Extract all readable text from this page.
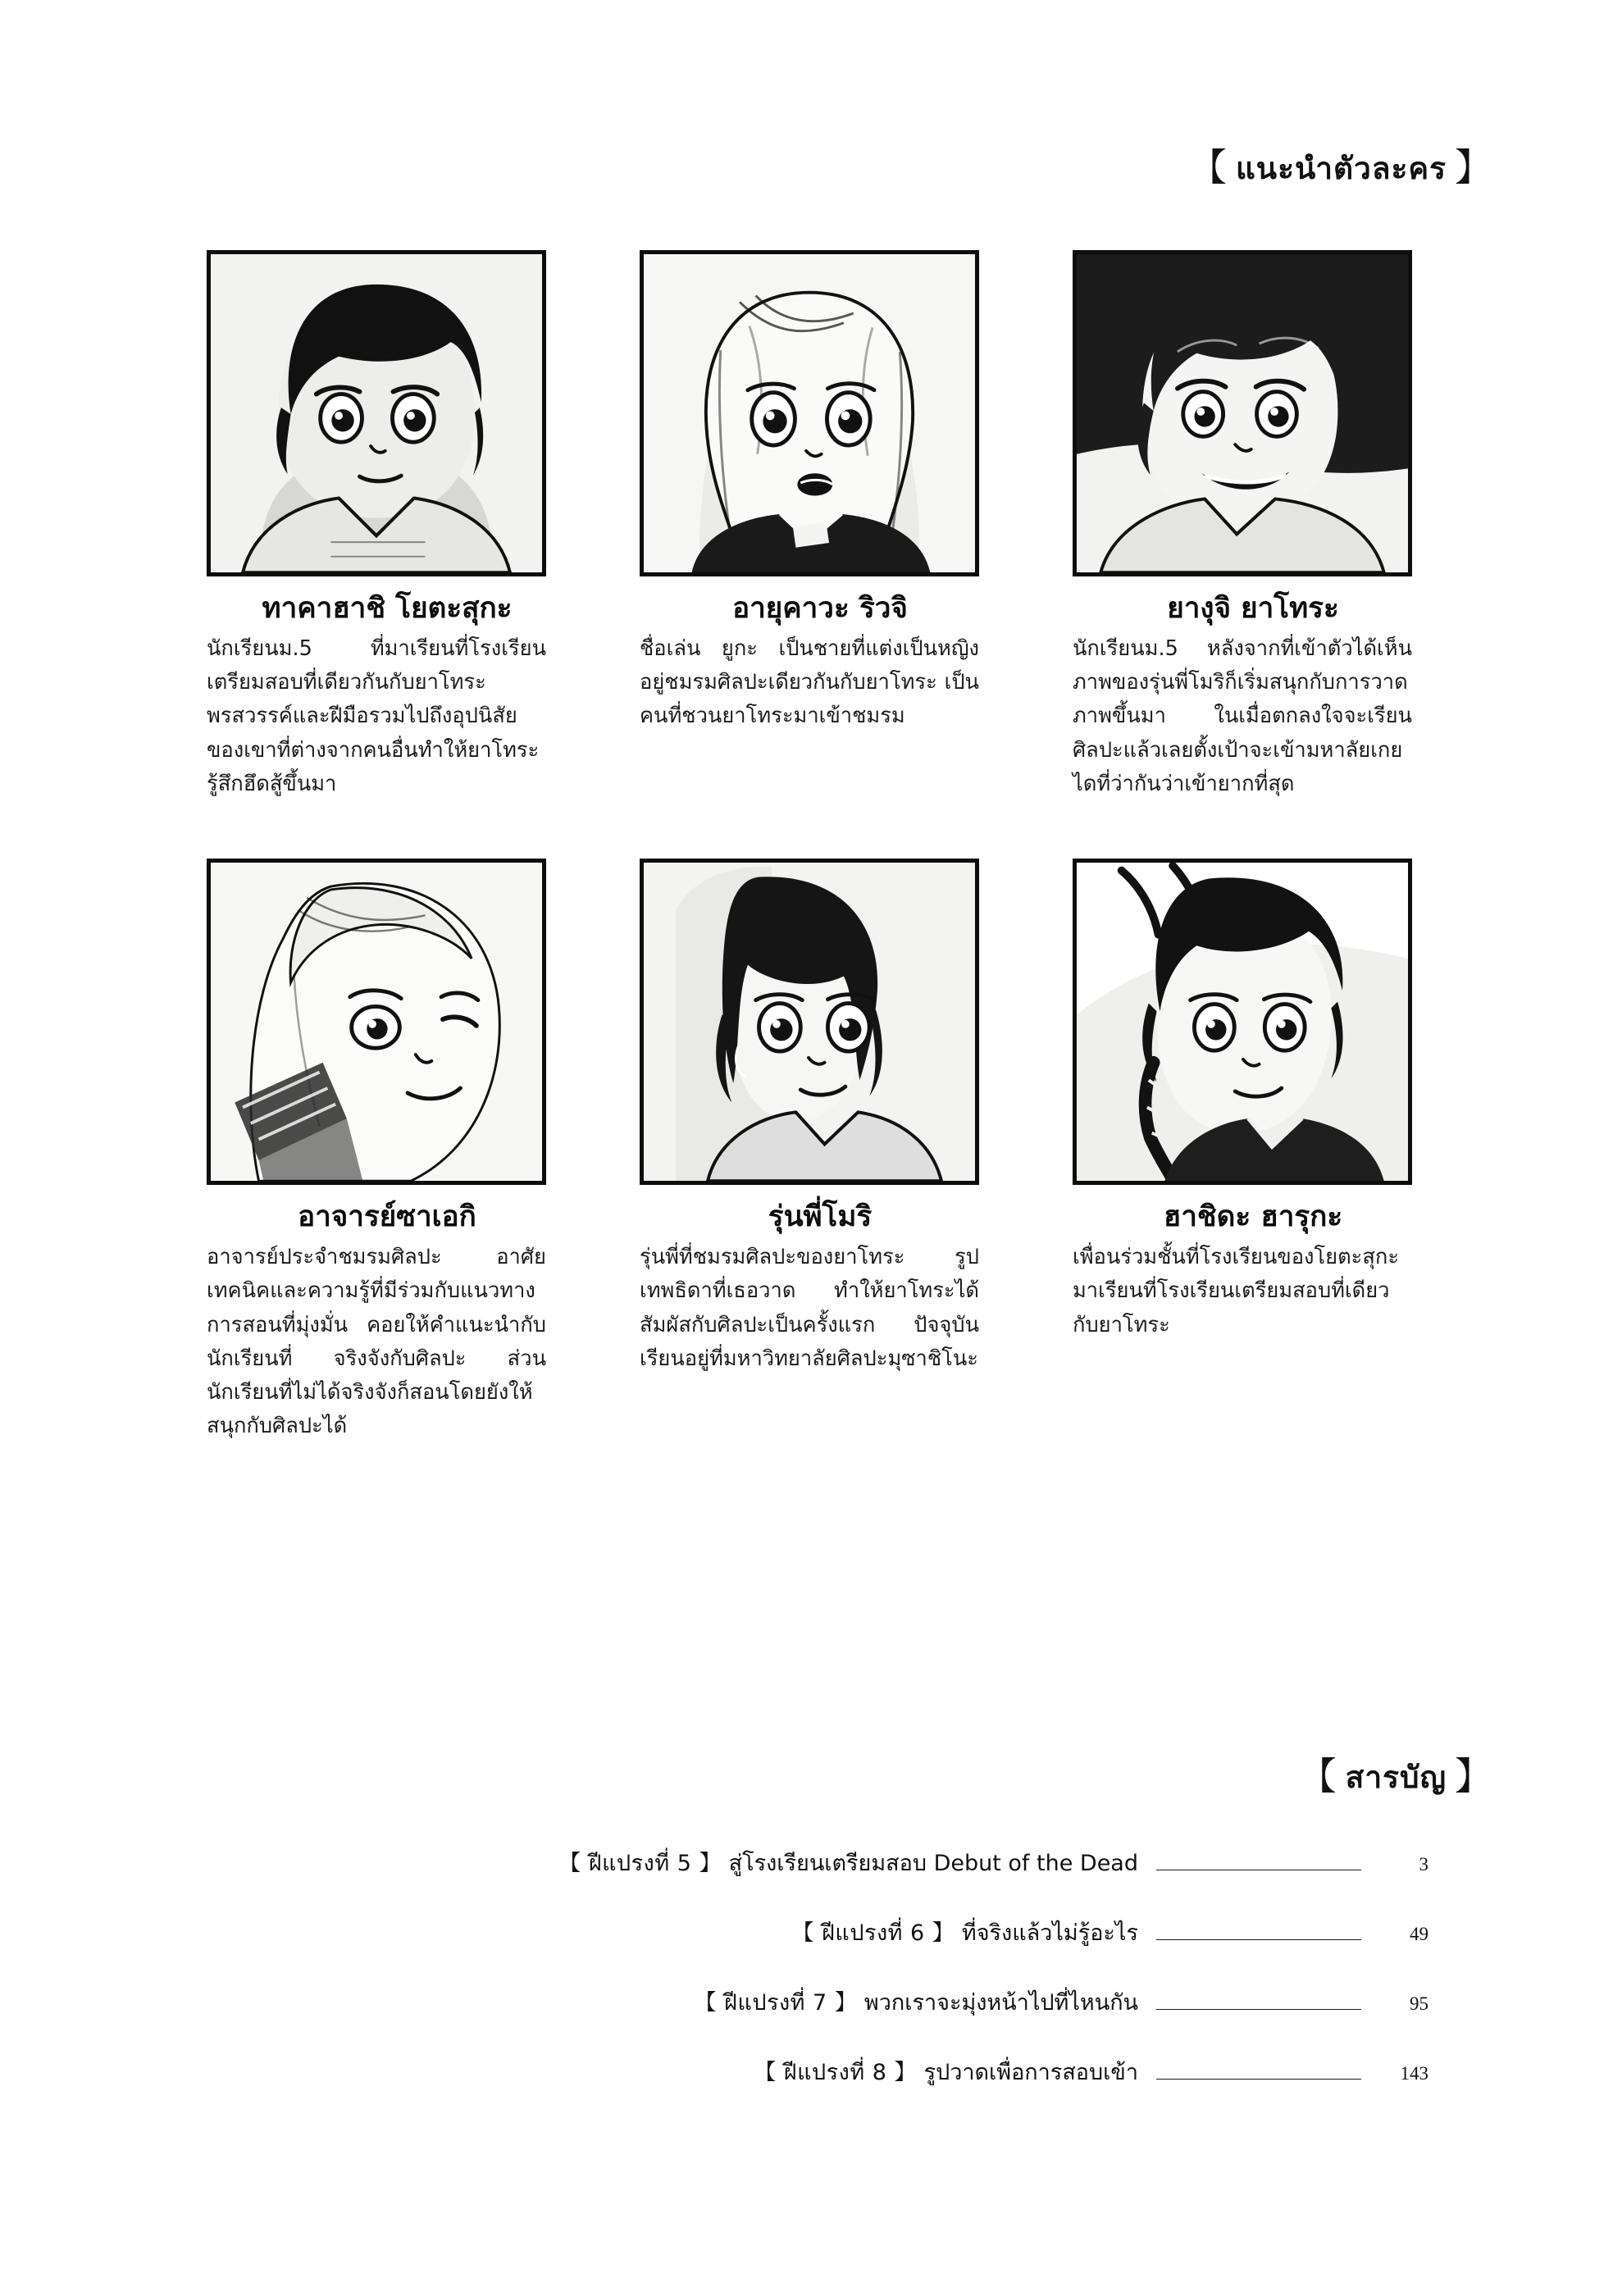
【 แนะนำตัวละคร 】
ทาคาฮาชิ โยตะสุกะ
นักเรียนม.5 ที่มาเรียนที่โรงเรียนเตรียมสอบที่เดียวกันกับยาโทระ พรสวรรค์และฝีมือรวมไปถึงอุปนิสัยของเขาที่ต่างจากคนอื่นทำให้ยาโทระรู้สึกฮึดสู้ขึ้นมา
อายุคาวะ ริวจิ
ชื่อเล่น ยูกะ เป็นชายที่แต่งเป็นหญิง อยู่ชมรมศิลปะเดียวกันกับยาโทระ เป็นคนที่ชวนยาโทระมาเข้าชมรม
ยางุจิ ยาโทระ
นักเรียนม.5 หลังจากที่เข้าตัวได้เห็นภาพของรุ่นพี่โมริก็เริ่มสนุกกับการวาดภาพขึ้นมา ในเมื่อตกลงใจจะเรียนศิลปะแล้วเลยตั้งเป้าจะเข้ามหาลัยเกยไดที่ว่ากันว่าเข้ายากที่สุด
อาจารย์ซาเอกิ
อาจารย์ประจำชมรมศิลปะ อาศัยเทคนิคและความรู้ที่มีร่วมกับแนวทางการสอนที่มุ่งมั่น คอยให้คำแนะนำกับนักเรียนที่ จริงจังกับศิลปะ ส่วนนักเรียนที่ไม่ได้จริงจังก็สอนโดยยังให้สนุกกับศิลปะได้
รุ่นพี่โมริ
รุ่นพี่ที่ชมรมศิลปะของยาโทระ รูปเทพธิดาที่เธอวาด ทำให้ยาโทระได้สัมผัสกับศิลปะเป็นครั้งแรก ปัจจุบันเรียนอยู่ที่มหาวิทยาลัยศิลปะมุซาชิโนะ
ฮาชิดะ ฮารุกะ
เพื่อนร่วมชั้นที่โรงเรียนของโยตะสุกะ มาเรียนที่โรงเรียนเตรียมสอบที่เดียวกับยาโทระ
【 สารบัญ 】
【 ฝีแปรงที่ 5 】 สู่โรงเรียนเตรียมสอบ Debut of the Dead	3
【 ฝีแปรงที่ 6 】 ที่จริงแล้วไม่รู้อะไร	49
【 ฝีแปรงที่ 7 】 พวกเราจะมุ่งหน้าไปที่ไหนกัน	95
【 ฝีแปรงที่ 8 】 รูปวาดเพื่อการสอบเข้า	143
